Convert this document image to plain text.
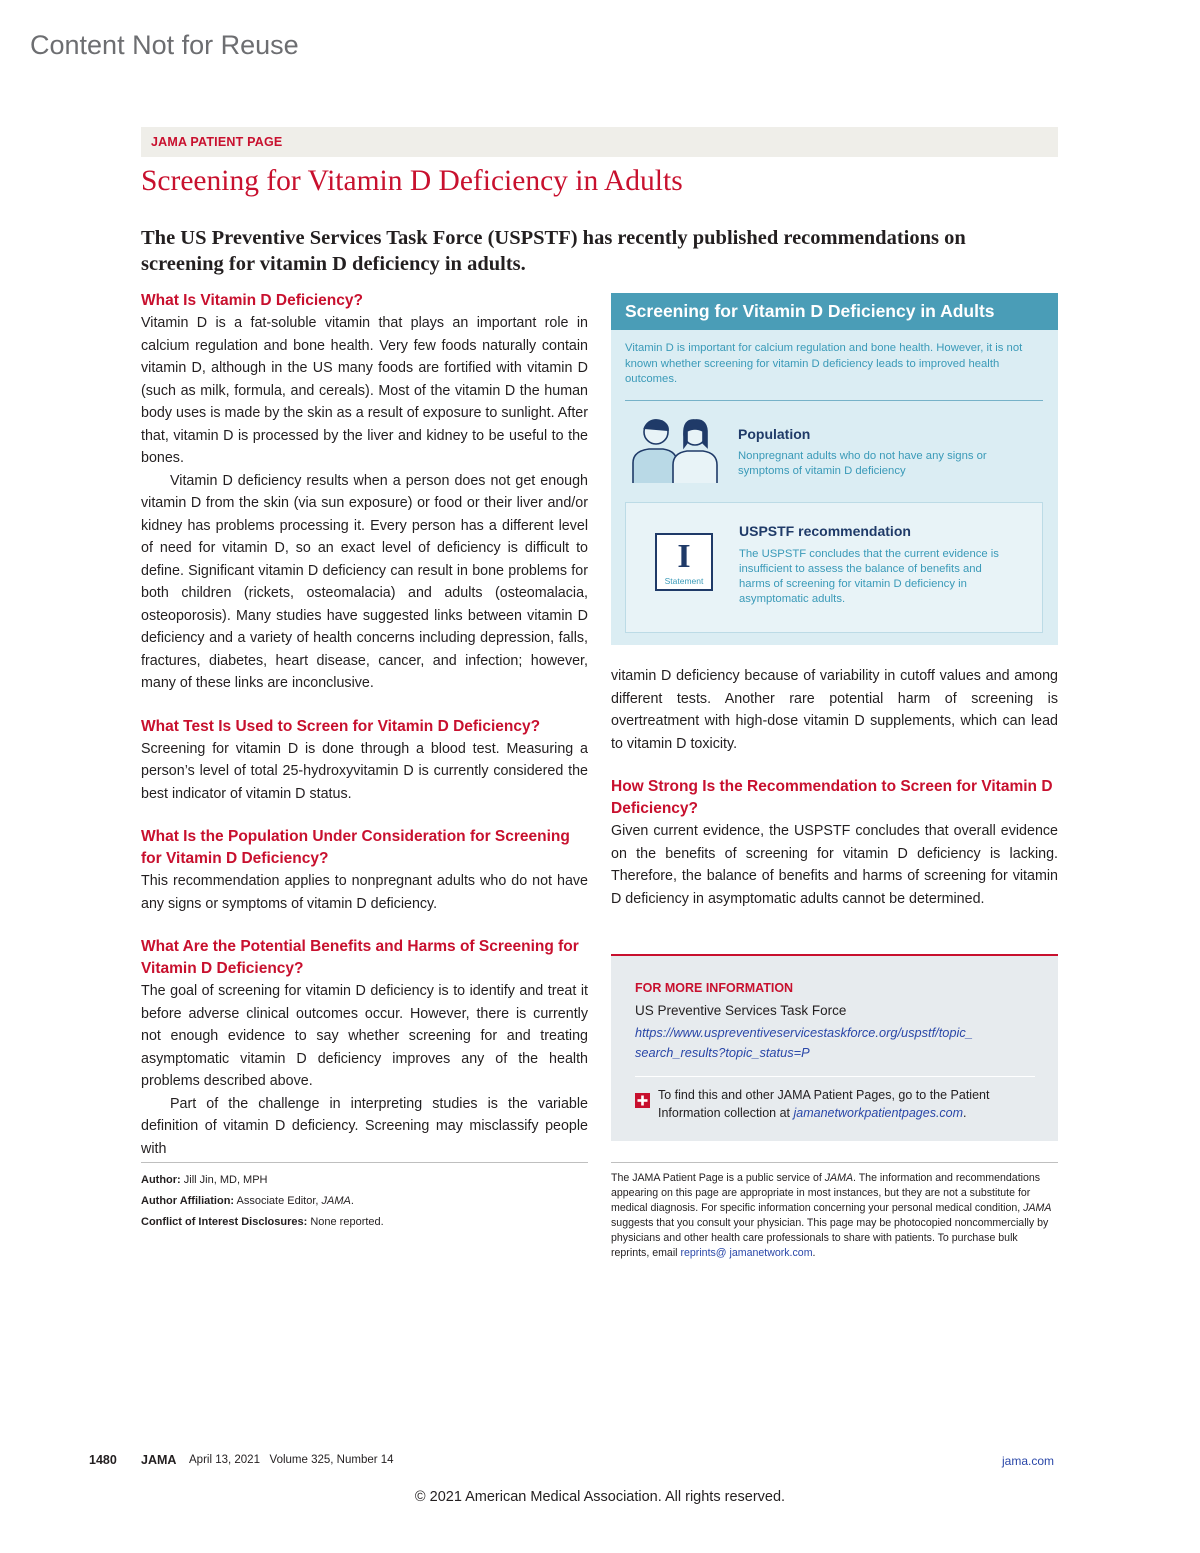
Content Not for Reuse
JAMA PATIENT PAGE
Screening for Vitamin D Deficiency in Adults
The US Preventive Services Task Force (USPSTF) has recently published recommendations on screening for vitamin D deficiency in adults.
What Is Vitamin D Deficiency?

Vitamin D is a fat-soluble vitamin that plays an important role in calcium regulation and bone health. Very few foods naturally contain vitamin D, although in the US many foods are fortified with vitamin D (such as milk, formula, and cereals). Most of the vitamin D the human body uses is made by the skin as a result of exposure to sunlight. After that, vitamin D is processed by the liver and kidney to be useful to the bones.

Vitamin D deficiency results when a person does not get enough vitamin D from the skin (via sun exposure) or food or their liver and/or kidney has problems processing it. Every person has a different level of need for vitamin D, so an exact level of deficiency is difficult to define. Significant vitamin D deficiency can result in bone problems for both children (rickets, osteomalacia) and adults (osteomalacia, osteoporosis). Many studies have suggested links between vitamin D deficiency and a variety of health concerns including depression, falls, fractures, diabetes, heart disease, cancer, and infection; however, many of these links are inconclusive.

What Test Is Used to Screen for Vitamin D Deficiency?

Screening for vitamin D is done through a blood test. Measuring a person’s level of total 25-hydroxyvitamin D is currently considered the best indicator of vitamin D status.

What Is the Population Under Consideration for Screening for Vitamin D Deficiency?

This recommendation applies to nonpregnant adults who do not have any signs or symptoms of vitamin D deficiency.

What Are the Potential Benefits and Harms of Screening for Vitamin D Deficiency?

The goal of screening for vitamin D deficiency is to identify and treat it before adverse clinical outcomes occur. However, there is currently not enough evidence to say whether screening for and treating asymptomatic vitamin D deficiency improves any of the health problems described above.

Part of the challenge in interpreting studies is the variable definition of vitamin D deficiency. Screening may misclassify people with

Screening for Vitamin D Deficiency in Adults
Vitamin D is important for calcium regulation and bone health. However, it is not known whether screening for vitamin D deficiency leads to improved health outcomes.
Population
Nonpregnant adults who do not have any signs or symptoms of vitamin D deficiency
I
Statement
USPSTF recommendation
The USPSTF concludes that the current evidence is insufficient to assess the balance of benefits and harms of screening for vitamin D deficiency in asymptomatic adults.

vitamin D deficiency because of variability in cutoff values and among different tests. Another rare potential harm of screening is overtreatment with high-dose vitamin D supplements, which can lead to vitamin D toxicity.

How Strong Is the Recommendation to Screen for Vitamin D Deficiency?

Given current evidence, the USPSTF concludes that overall evidence on the benefits of screening for vitamin D deficiency is lacking. Therefore, the balance of benefits and harms of screening for vitamin D deficiency in asymptomatic adults cannot be determined.

FOR MORE INFORMATION
US Preventive Services Task Force
https://www.uspreventiveservicestaskforce.org/uspstf/topic_
search_results?topic_status=P
To find this and other JAMA Patient Pages, go to the Patient Information collection at jamanetworkpatientpages.com.
Author: Jill Jin, MD, MPH
Author Affiliation: Associate Editor, JAMA.
Conflict of Interest Disclosures: None reported.
The JAMA Patient Page is a public service of JAMA. The information and recommendations appearing on this page are appropriate in most instances, but they are not a substitute for medical diagnosis. For specific information concerning your personal medical condition, JAMA suggests that you consult your physician. This page may be photocopied noncommercially by physicians and other health care professionals to share with patients. To purchase bulk reprints, email reprints@ jamanetwork.com.
1480 JAMA April 13, 2021   Volume 325, Number 14	jama.com
© 2021 American Medical Association. All rights reserved.
